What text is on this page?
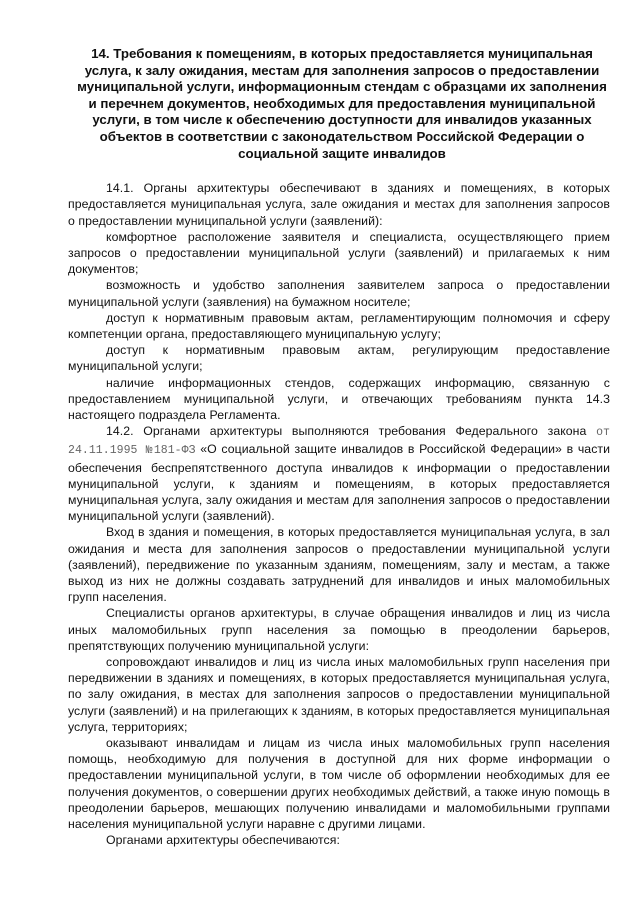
14. Требования к помещениям, в которых предоставляется муниципальная услуга, к залу ожидания, местам для заполнения запросов о предоставлении муниципальной услуги, информационным стендам с образцами их заполнения и перечнем документов, необходимых для предоставления муниципальной услуги, в том числе к обеспечению доступности для инвалидов указанных объектов в соответствии с законодательством Российской Федерации о социальной защите инвалидов

14.1. Органы архитектуры обеспечивают в зданиях и помещениях, в которых предоставляется муниципальная услуга, зале ожидания и местах для заполнения запросов о предоставлении муниципальной услуги (заявлений):

комфортное расположение заявителя и специалиста, осуществляющего прием запросов о предоставлении муниципальной услуги (заявлений) и прилагаемых к ним документов;

возможность и удобство заполнения заявителем запроса о предоставлении муниципальной услуги (заявления) на бумажном носителе;

доступ к нормативным правовым актам, регламентирующим полномочия и сферу компетенции органа, предоставляющего муниципальную услугу;

доступ к нормативным правовым актам, регулирующим предоставление муниципальной услуги;

наличие информационных стендов, содержащих информацию, связанную с предоставлением муниципальной услуги, и отвечающих требованиям пункта 14.3 настоящего подраздела Регламента.

14.2. Органами архитектуры выполняются требования Федерального закона от 24.11.1995 №181-ФЗ «О социальной защите инвалидов в Российской Федерации» в части обеспечения беспрепятственного доступа инвалидов к информации о предоставлении муниципальной услуги, к зданиям и помещениям, в которых предоставляется муниципальная услуга, залу ожидания и местам для заполнения запросов о предоставлении муниципальной услуги (заявлений).

Вход в здания и помещения, в которых предоставляется муниципальная услуга, в зал ожидания и места для заполнения запросов о предоставлении муниципальной услуги (заявлений), передвижение по указанным зданиям, помещениям, залу и местам, а также выход из них не должны создавать затруднений для инвалидов и иных маломобильных групп населения.

Специалисты органов архитектуры, в случае обращения инвалидов и лиц из числа иных маломобильных групп населения за помощью в преодолении барьеров, препятствующих получению муниципальной услуги:

сопровождают инвалидов и лиц из числа иных маломобильных групп населения при передвижении в зданиях и помещениях, в которых предоставляется муниципальная услуга, по залу ожидания, в местах для заполнения запросов о предоставлении муниципальной услуги (заявлений) и на прилегающих к зданиям, в которых предоставляется муниципальная услуга, территориях;

оказывают инвалидам и лицам из числа иных маломобильных групп населения помощь, необходимую для получения в доступной для них форме информации о предоставлении муниципальной услуги, в том числе об оформлении необходимых для ее получения документов, о совершении других необходимых действий, а также иную помощь в преодолении барьеров, мешающих получению инвалидами и маломобильными группами населения муниципальной услуги наравне с другими лицами.

Органами архитектуры обеспечиваются:
